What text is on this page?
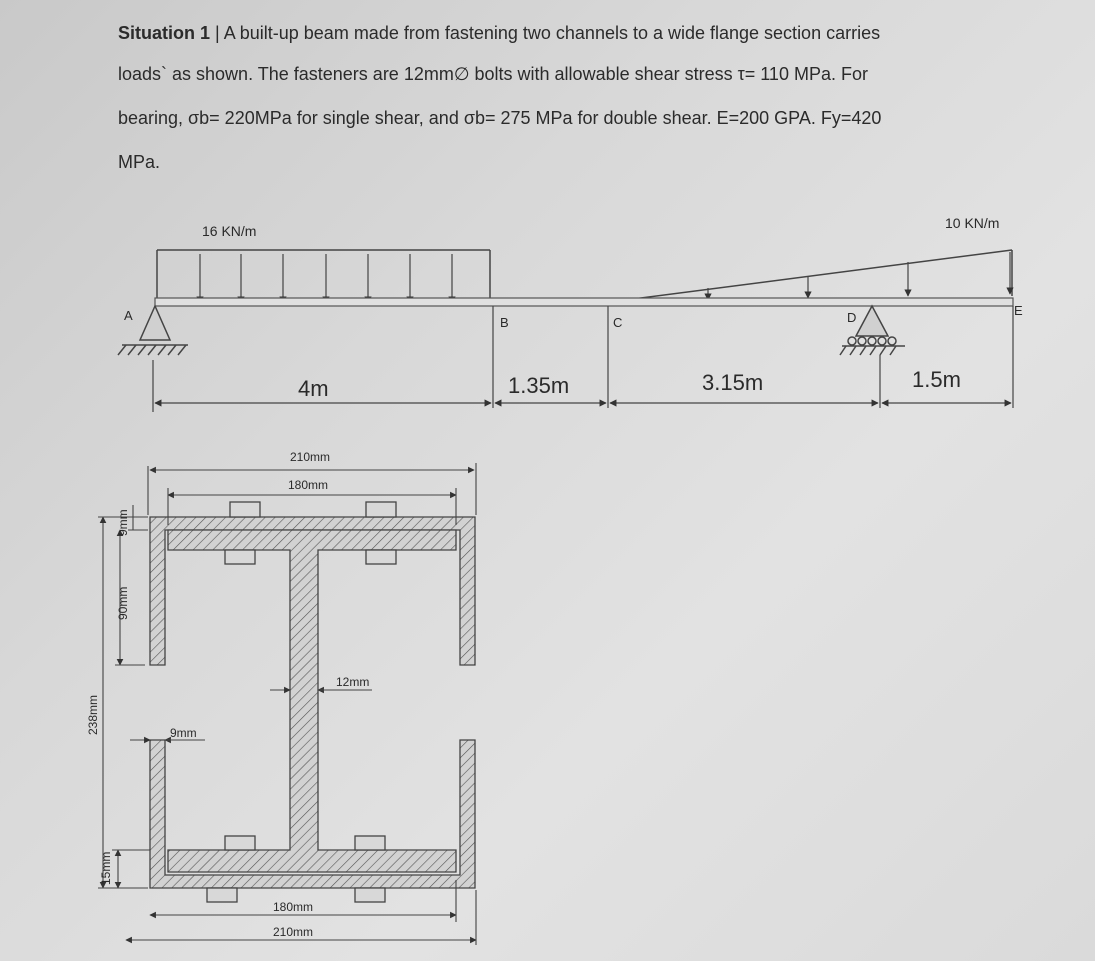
Situation 1 | A built-up beam made from fastening two channels to a wide flange section carries
loads` as shown. The fasteners are 12mm∅ bolts with allowable shear stress τ= 110 MPa. For
bearing, σb= 220MPa for single shear, and σb= 275 MPa for double shear. E=200 GPA. Fy=420
MPa.
16 KN/m	10 KN/m
A	B	C	D	E
4m	1.35m	3.15m	1.5m
210mm
180mm
12mm
9mm
180mm
210mm
238mm
90mm
9mm
15mm
